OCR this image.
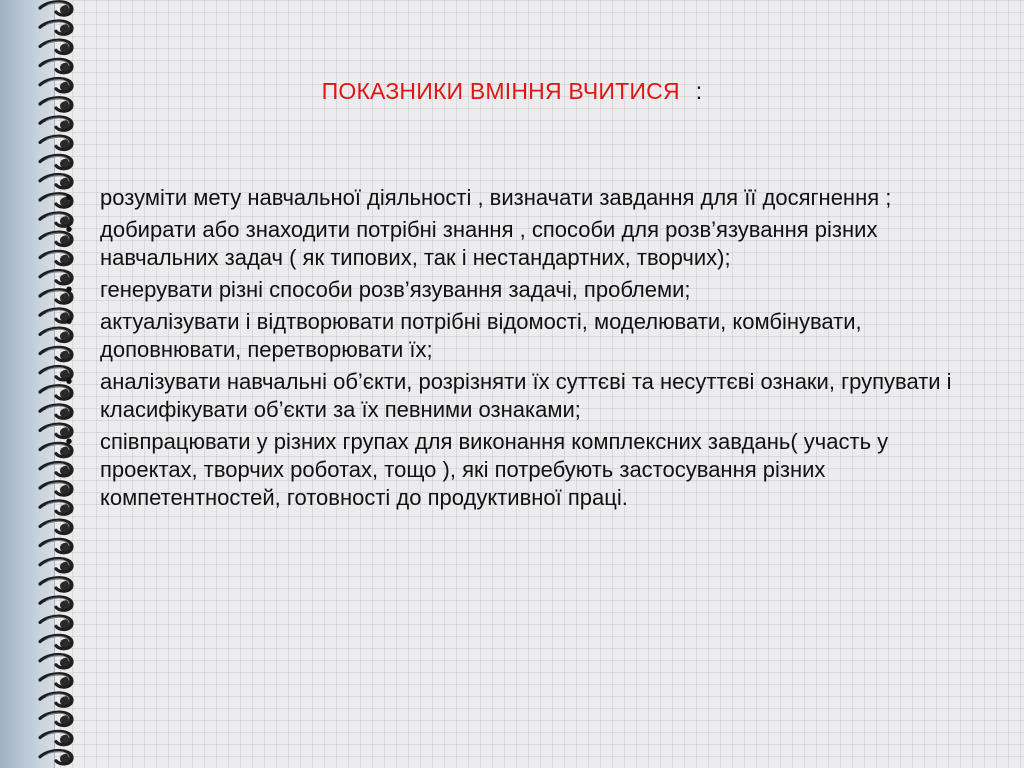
ПОКАЗНИКИ ВМІННЯ ВЧИТИСЯ :
• розуміти мету навчальної діяльності , визначати завдання для її досягнення ;
• добирати або знаходити потрібні знання , способи для розв’язування різних навчальних задач ( як типових, так і нестандартних, творчих);
• генерувати різні способи розв’язування задачі, проблеми;
• актуалізувати і відтворювати потрібні відомості, моделювати, комбінувати, доповнювати, перетворювати їх;
• аналізувати навчальні об’єкти, розрізняти їх суттєві та несуттєві ознаки, групувати і класифікувати об’єкти за їх певними ознаками;
• співпрацювати у різних групах для виконання комплексних завдань( участь у проектах, творчих роботах, тощо ), які потребують застосування різних компетентностей, готовності до продуктивної праці.
